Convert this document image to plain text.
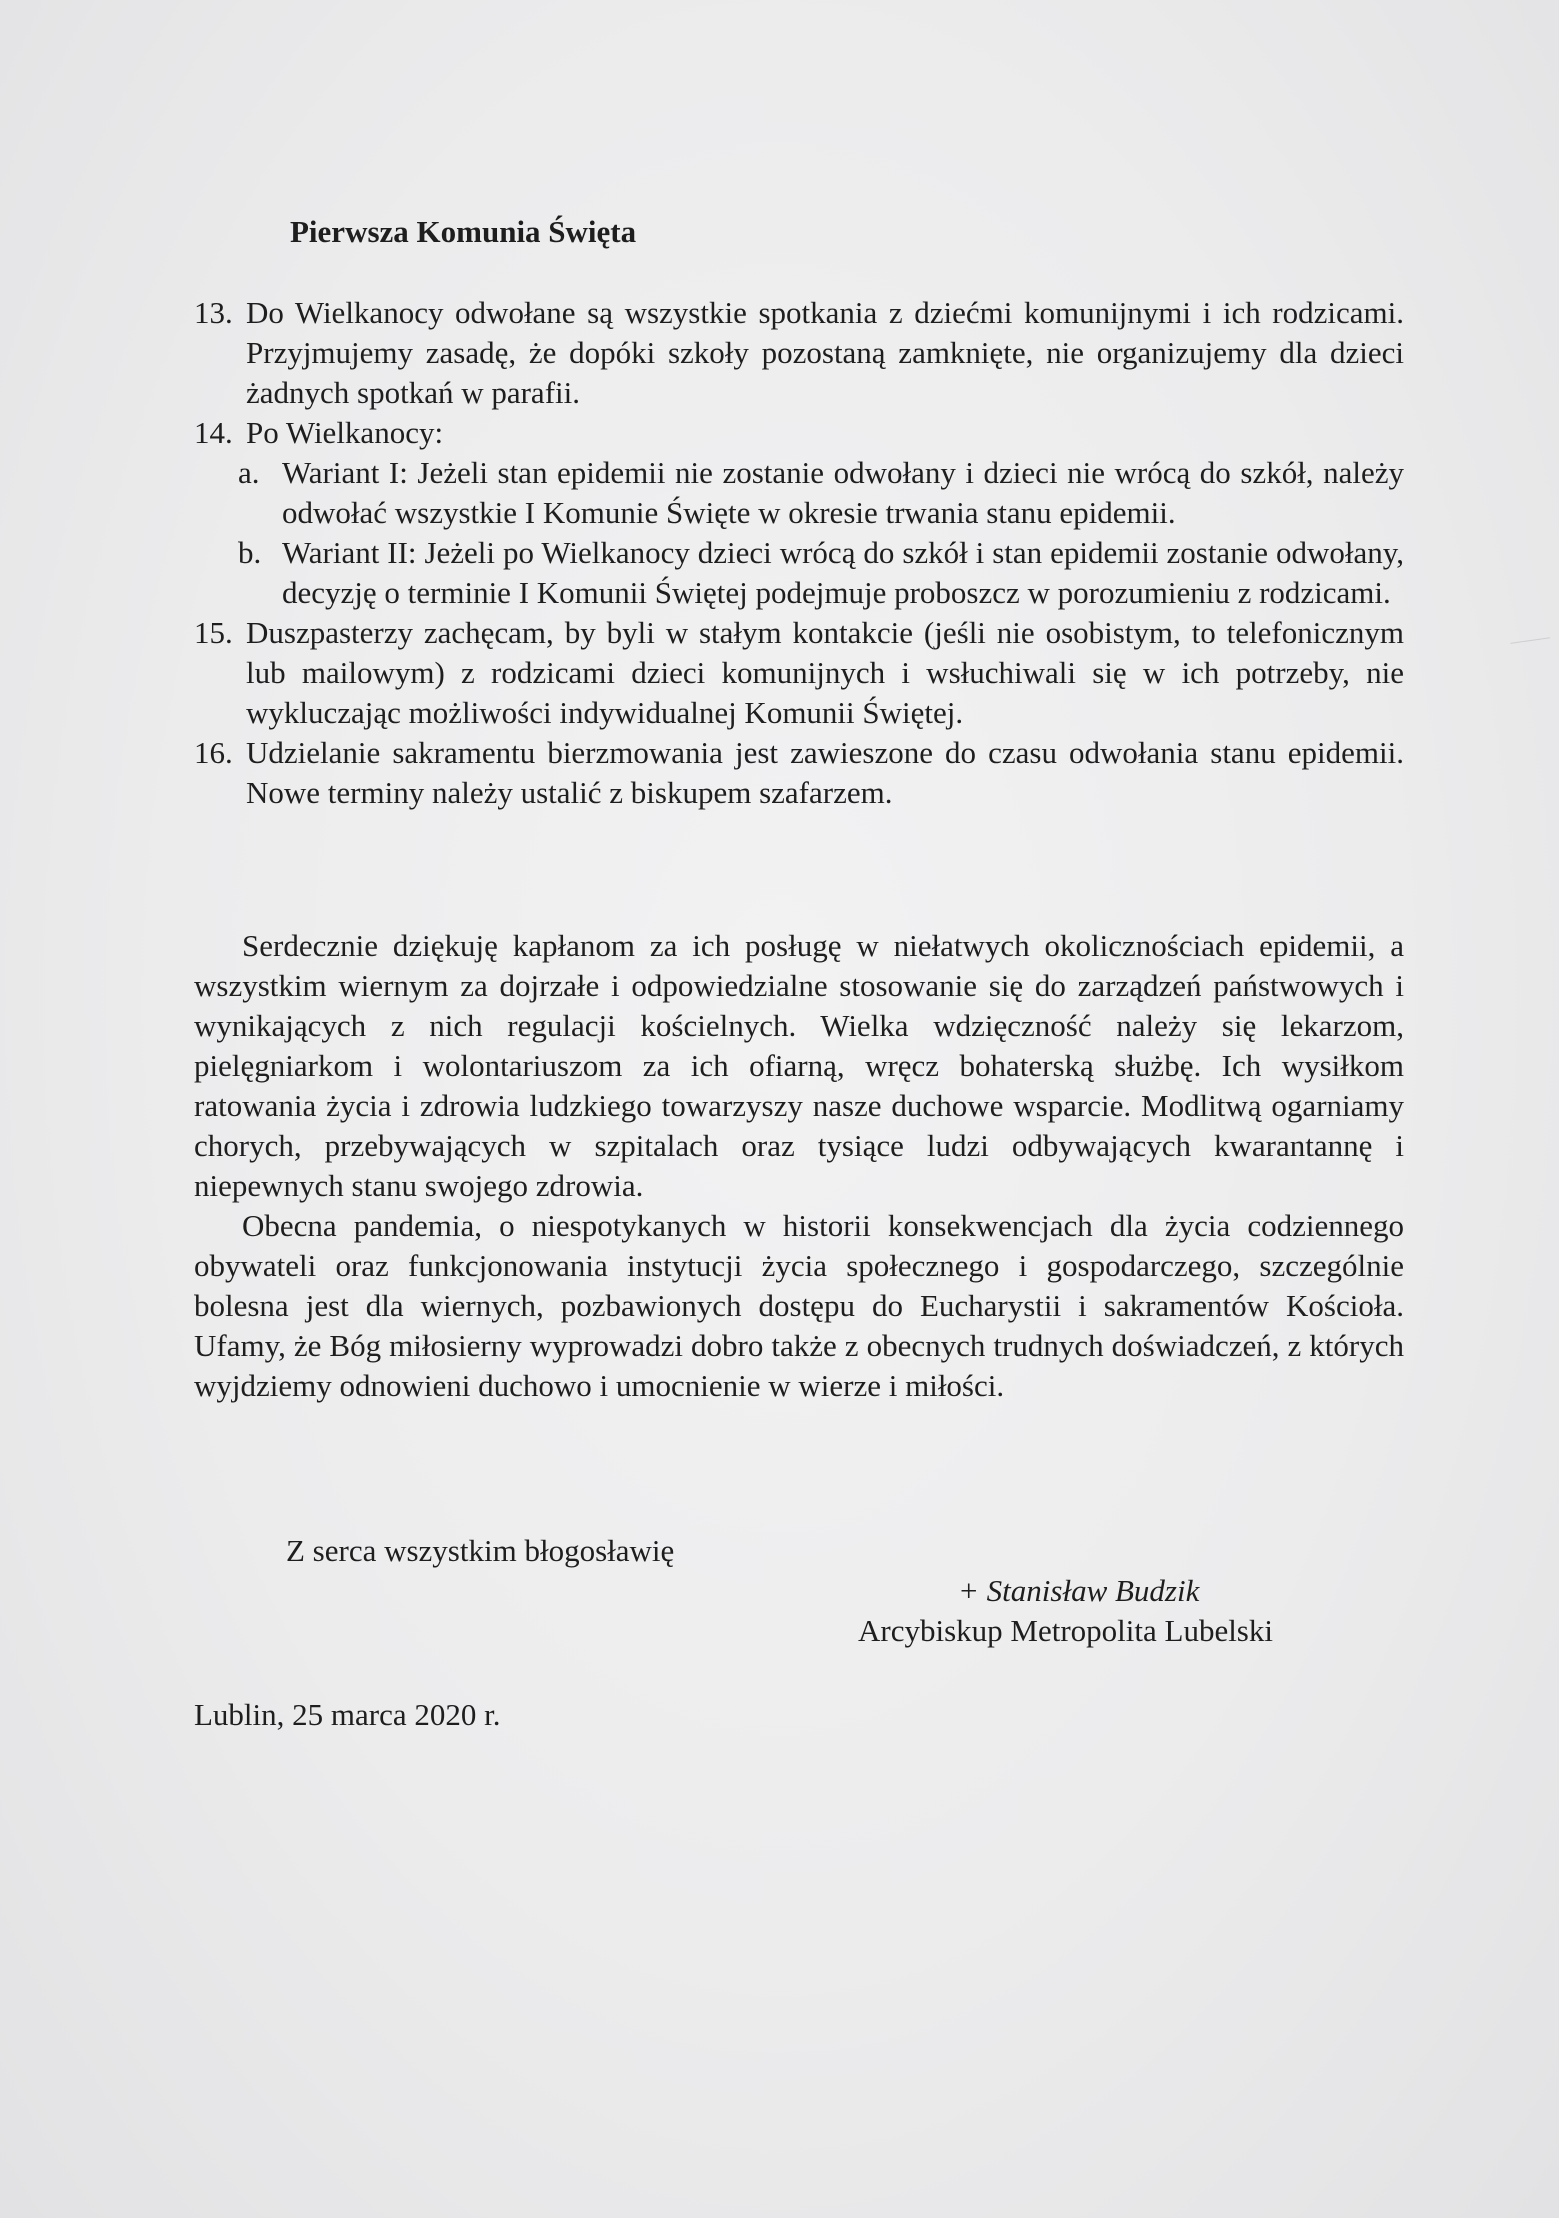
Pierwsza Komunia Święta
13. Do Wielkanocy odwołane są wszystkie spotkania z dziećmi komunijnymi i ich rodzicami. Przyjmujemy zasadę, że dopóki szkoły pozostaną zamknięte, nie organizujemy dla dzieci żadnych spotkań w parafii.
14. Po Wielkanocy:
a. Wariant I: Jeżeli stan epidemii nie zostanie odwołany i dzieci nie wrócą do szkół, należy odwołać wszystkie I Komunie Święte w okresie trwania stanu epidemii.
b. Wariant II: Jeżeli po Wielkanocy dzieci wrócą do szkół i stan epidemii zostanie odwołany, decyzję o terminie I Komunii Świętej podejmuje proboszcz w porozumieniu z rodzicami.
15. Duszpasterzy zachęcam, by byli w stałym kontakcie (jeśli nie osobistym, to telefonicznym lub mailowym) z rodzicami dzieci komunijnych i wsłuchiwali się w ich potrzeby, nie wykluczając możliwości indywidualnej Komunii Świętej.
16. Udzielanie sakramentu bierzmowania jest zawieszone do czasu odwołania stanu epidemii. Nowe terminy należy ustalić z biskupem szafarzem.

Serdecznie dziękuję kapłanom za ich posługę w niełatwych okolicznościach epidemii, a wszystkim wiernym za dojrzałe i odpowiedzialne stosowanie się do zarządzeń państwowych i wynikających z nich regulacji kościelnych. Wielka wdzięczność należy się lekarzom, pielęgniarkom i wolontariuszom za ich ofiarną, wręcz bohaterską służbę. Ich wysiłkom ratowania życia i zdrowia ludzkiego towarzyszy nasze duchowe wsparcie. Modlitwą ogarniamy chorych, przebywających w szpitalach oraz tysiące ludzi odbywających kwarantannę i niepewnych stanu swojego zdrowia.

Obecna pandemia, o niespotykanych w historii konsekwencjach dla życia codziennego obywateli oraz funkcjonowania instytucji życia społecznego i gospodarczego, szczególnie bolesna jest dla wiernych, pozbawionych dostępu do Eucharystii i sakramentów Kościoła. Ufamy, że Bóg miłosierny wyprowadzi dobro także z obecnych trudnych doświadczeń, z których wyjdziemy odnowieni duchowo i umocnienie w wierze i miłości.

Z serca wszystkim błogosławię
+ Stanisław Budzik
Arcybiskup Metropolita Lubelski
Lublin, 25 marca 2020 r.
